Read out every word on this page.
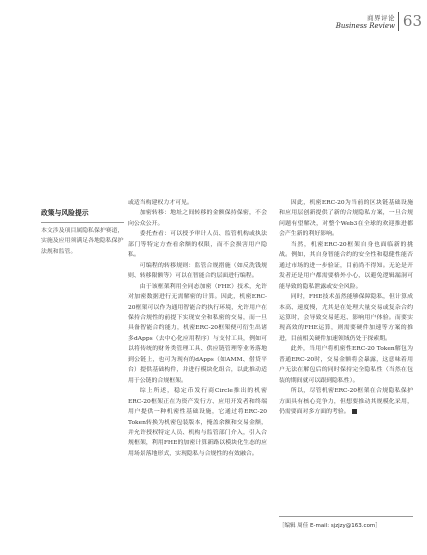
商界评论
Business Review 63
政策与风险提示
本文涉及项目属隐私保护赛道，实施及应用须满足各地隐私保护法规和监管。

或适当构建权力才可见。

加密转移：地址之间转移的金额保持保密，不会向公众公开。

委托查看：可以授予审计人员、监管机构或执法部门等特定方查看余额的权限，而不会损害用户隐私。

可编程的转移规则：监管合规措施（如反洗钱规则、转移限额等）可以在智能合约层面进行编程。

由于该框架利用全同态加密（FHE）技术，允许对加密数据进行无需解密的计算。因此，机密ERC-20框架可以作为通用智能合约执行环境，允许用户在保持合规性的前提下实现安全和私密的交易，而一旦具备智能合约能力，机密ERC-20框架便可衍生出诸多dApps（去中心化应用程序）与支付工具，例如可以将传统的财务类管理工具、供应链管理等业务落地到公链上，也可为现有的dApps（如AMM、借贷平台）提供基础构件，并进行模块化组合，以此推动适用于公链的合规框架。

综上所述，稳定币发行商Circle推出的机密ERC-20框架正在为资产发行方、应用开发者和终端用户提供一种机密性基础设施，它通过将ERC-20 Token转换为机密包装版本，掩盖余额和交易金额，并允许授权特定人员、机构与监管部门介入，引入合规框架，利用FHE的加密计算新路以模块化生态的应用场景落地形式，实现隐私与合规性的有效融合。

因此，机密ERC-20为当前的区块链基础设施和应用层创新提供了新的合规隐私方案，一旦合规问题有望解决，对整个Web3在全球的欢迎推进都会产生新的利好影响。

当然，机密ERC-20框架自身也面临新的挑战。例如，其自身智能合约的安全性和稳健性能否通过市场的进一步验证，目前尚不得知。无论是开发者还是用户都需要格外小心，以避免逻辑漏洞可能导致的隐私泄露或安全风险。

同时，FHE技术虽然能够保障隐私，但计算成本高、速度慢，尤其是在处理大量交易或复杂合约运算时，会导致交易延迟、影响用户体验。而要实现高效的FHE运算，则需要硬件加速等方案的推进，目前相关硬件加速领域仍处于探索期。

此外，当用户将机密性ERC-20 Token解包为普通ERC-20时，交易金额将会暴露，这意味着用户无法在解包后的同时保持完全隐私性（当然在包装的期间就可以跟到隐私性）。

所以，尽管机密ERC-20框架在合规隐私保护方面具有核心竞争力，但想要推动其规模化采用，仍需要面对多方面的考验。

［编辑 周佳 E-mail: sjzjzy@163.com］
